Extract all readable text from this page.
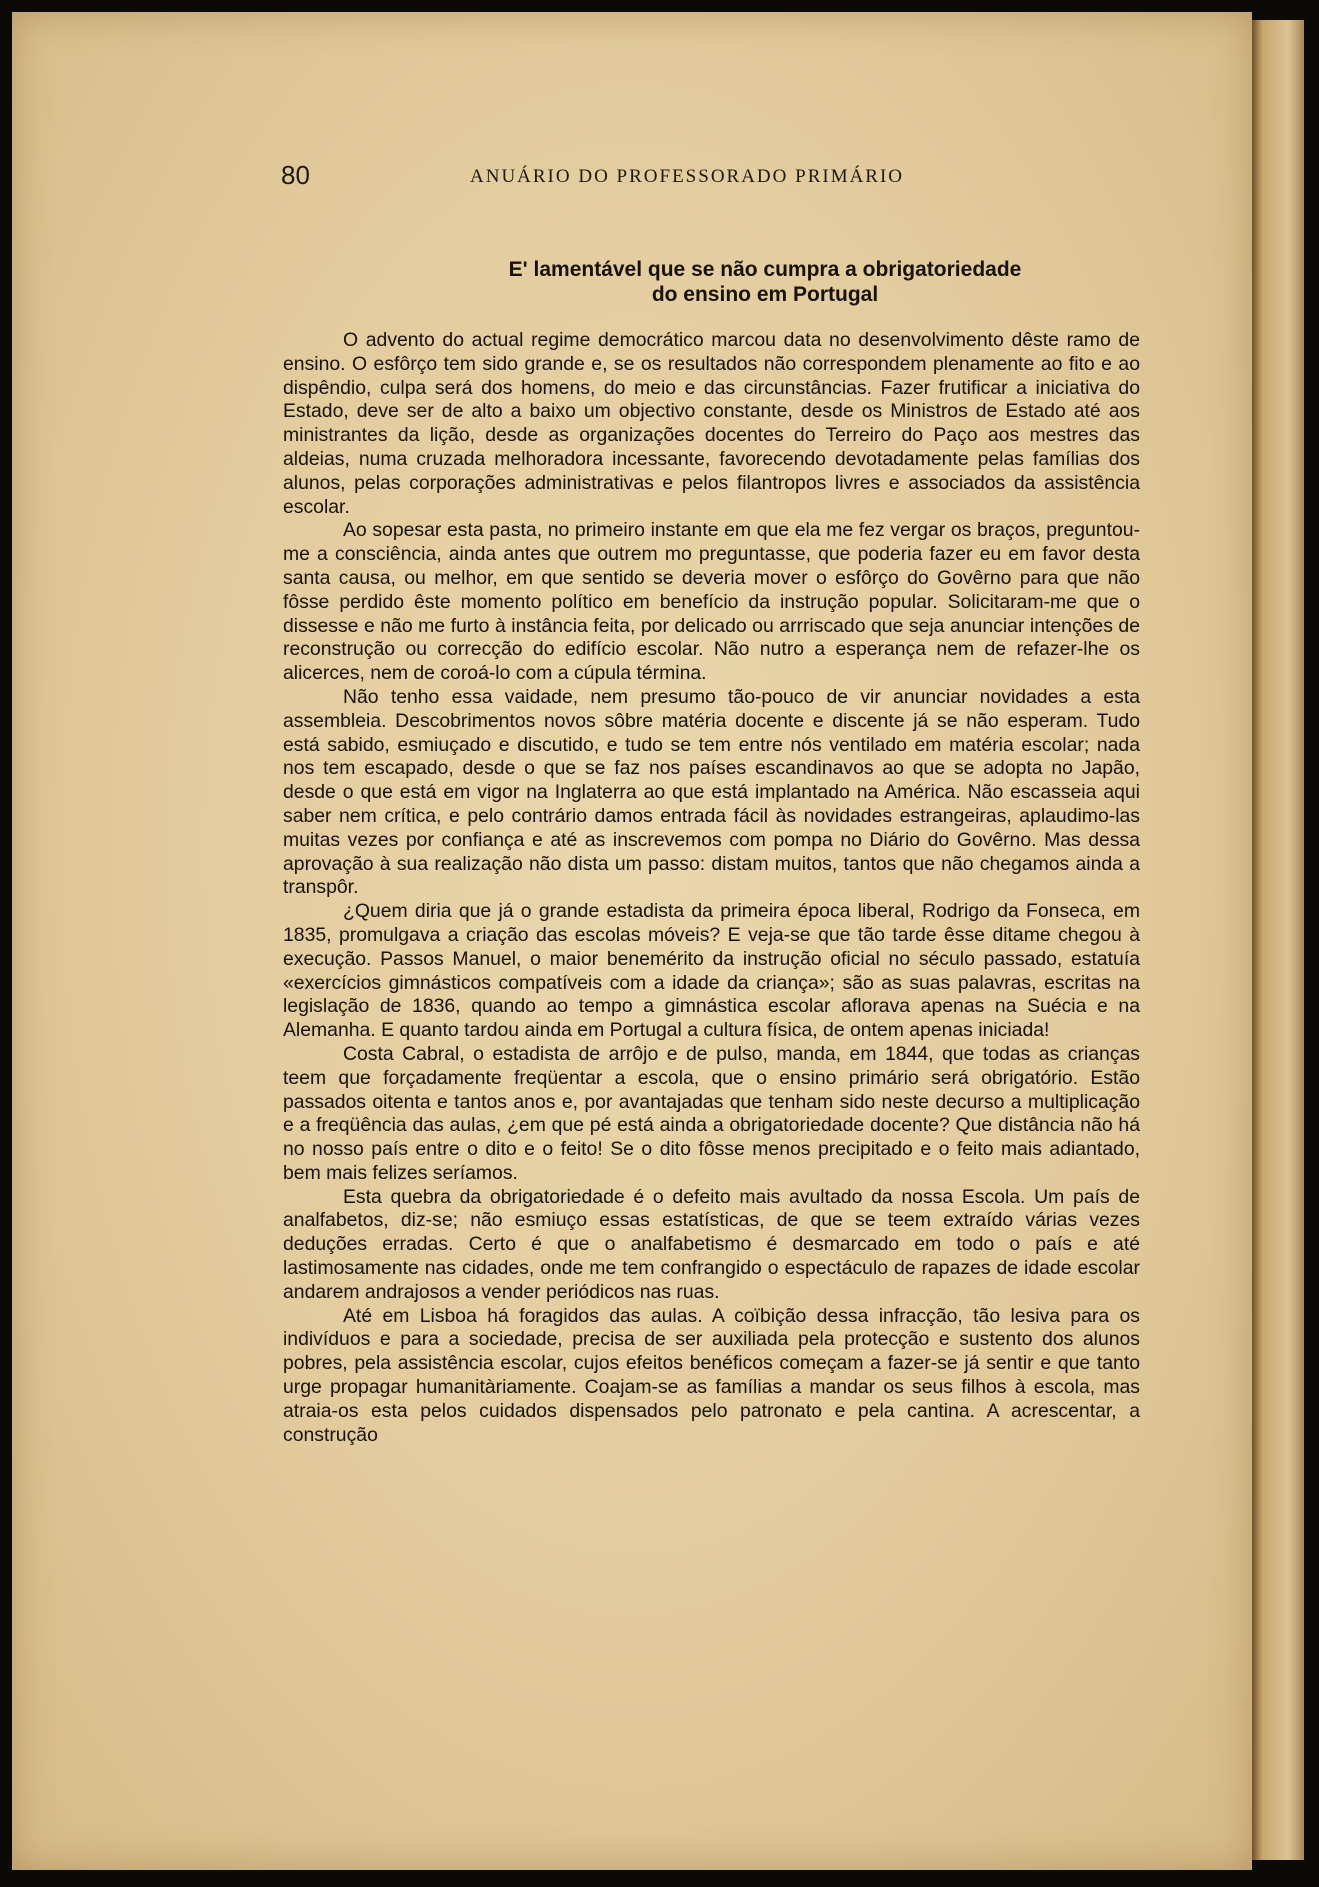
80	ANUÁRIO DO PROFESSORADO PRIMÁRIO
E' lamentável que se não cumpra a obrigatoriedade
do ensino em Portugal

O advento do actual regime democrático marcou data no desenvolvimento dêste ramo de ensino. O esfôrço tem sido grande e, se os resultados não correspondem plenamente ao fito e ao dispêndio, culpa será dos homens, do meio e das circunstâncias. Fazer frutificar a iniciativa do Estado, deve ser de alto a baixo um objectivo constante, desde os Ministros de Estado até aos ministrantes da lição, desde as organizações docentes do Terreiro do Paço aos mestres das aldeias, numa cruzada melhoradora incessante, favorecendo devotadamente pelas famílias dos alunos, pelas corporações administrativas e pelos filantropos livres e associados da assistência escolar.

Ao sopesar esta pasta, no primeiro instante em que ela me fez vergar os braços, preguntou-me a consciência, ainda antes que outrem mo preguntasse, que poderia fazer eu em favor desta santa causa, ou melhor, em que sentido se deveria mover o esfôrço do Govêrno para que não fôsse perdido êste momento político em benefício da instrução popular. Solicitaram-me que o dissesse e não me furto à instância feita, por delicado ou arrriscado que seja anunciar intenções de reconstrução ou correcção do edifício escolar. Não nutro a esperança nem de refazer-lhe os alicerces, nem de coroá-lo com a cúpula términa.

Não tenho essa vaidade, nem presumo tão-pouco de vir anunciar novidades a esta assembleia. Descobrimentos novos sôbre matéria docente e discente já se não esperam. Tudo está sabido, esmiuçado e discutido, e tudo se tem entre nós ventilado em matéria escolar; nada nos tem escapado, desde o que se faz nos países escandinavos ao que se adopta no Japão, desde o que está em vigor na Inglaterra ao que está implantado na América. Não escasseia aqui saber nem crítica, e pelo contrário damos entrada fácil às novidades estrangeiras, aplaudimo-las muitas vezes por confiança e até as inscrevemos com pompa no Diário do Govêrno. Mas dessa aprovação à sua realização não dista um passo: distam muitos, tantos que não chegamos ainda a transpôr.

¿Quem diria que já o grande estadista da primeira época liberal, Rodrigo da Fonseca, em 1835, promulgava a criação das escolas móveis? E veja-se que tão tarde êsse ditame chegou à execução. Passos Manuel, o maior benemérito da instrução oficial no século passado, estatuía «exercícios gimnásticos compatíveis com a idade da criança»; são as suas palavras, escritas na legislação de 1836, quando ao tempo a gimnástica escolar aflorava apenas na Suécia e na Alemanha. E quanto tardou ainda em Portugal a cultura física, de ontem apenas iniciada!

Costa Cabral, o estadista de arrôjo e de pulso, manda, em 1844, que todas as crianças teem que forçadamente freqüentar a escola, que o ensino primário será obrigatório. Estão passados oitenta e tantos anos e, por avantajadas que tenham sido neste decurso a multiplicação e a freqüência das aulas, ¿em que pé está ainda a obrigatoriedade docente? Que distância não há no nosso país entre o dito e o feito! Se o dito fôsse menos precipitado e o feito mais adiantado, bem mais felizes seríamos.

Esta quebra da obrigatoriedade é o defeito mais avultado da nossa Escola. Um país de analfabetos, diz-se; não esmiuço essas estatísticas, de que se teem extraído várias vezes deduções erradas. Certo é que o analfabetismo é desmarcado em todo o país e até lastimosamente nas cidades, onde me tem confrangido o espectáculo de rapazes de idade escolar andarem andrajosos a vender periódicos nas ruas.

Até em Lisboa há foragidos das aulas. A coïbição dessa infracção, tão lesiva para os indivíduos e para a sociedade, precisa de ser auxiliada pela protecção e sustento dos alunos pobres, pela assistência escolar, cujos efeitos benéficos começam a fazer-se já sentir e que tanto urge propagar humanitàriamente. Coajam-se as famílias a mandar os seus filhos à escola, mas atraia-os esta pelos cuidados dispensados pelo patronato e pela cantina. A acrescentar, a construção
